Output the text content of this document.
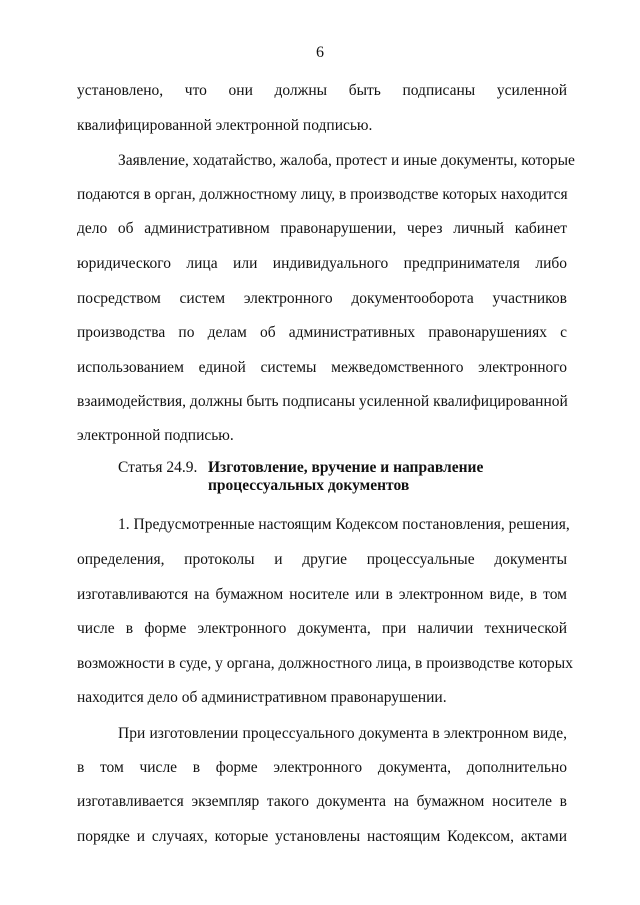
6
установлено, что они должны быть подписаны усиленной
квалифицированной электронной подписью.
Заявление, ходатайство, жалоба, протест и иные документы, которые
подаются в орган, должностному лицу, в производстве которых находится
дело об административном правонарушении, через личный кабинет
юридического лица или индивидуального предпринимателя либо
посредством систем электронного документооборота участников
производства по делам об административных правонарушениях с
использованием единой системы межведомственного электронного
взаимодействия, должны быть подписаны усиленной квалифицированной
электронной подписью.
Статья 24.9. Изготовление, вручение и направление
процессуальных документов
1. Предусмотренные настоящим Кодексом постановления, решения,
определения, протоколы и другие процессуальные документы
изготавливаются на бумажном носителе или в электронном виде, в том
числе в форме электронного документа, при наличии технической
возможности в суде, у органа, должностного лица, в производстве которых
находится дело об административном правонарушении.
При изготовлении процессуального документа в электронном виде,
в том числе в форме электронного документа, дополнительно
изготавливается экземпляр такого документа на бумажном носителе в
порядке и случаях, которые установлены настоящим Кодексом, актами
